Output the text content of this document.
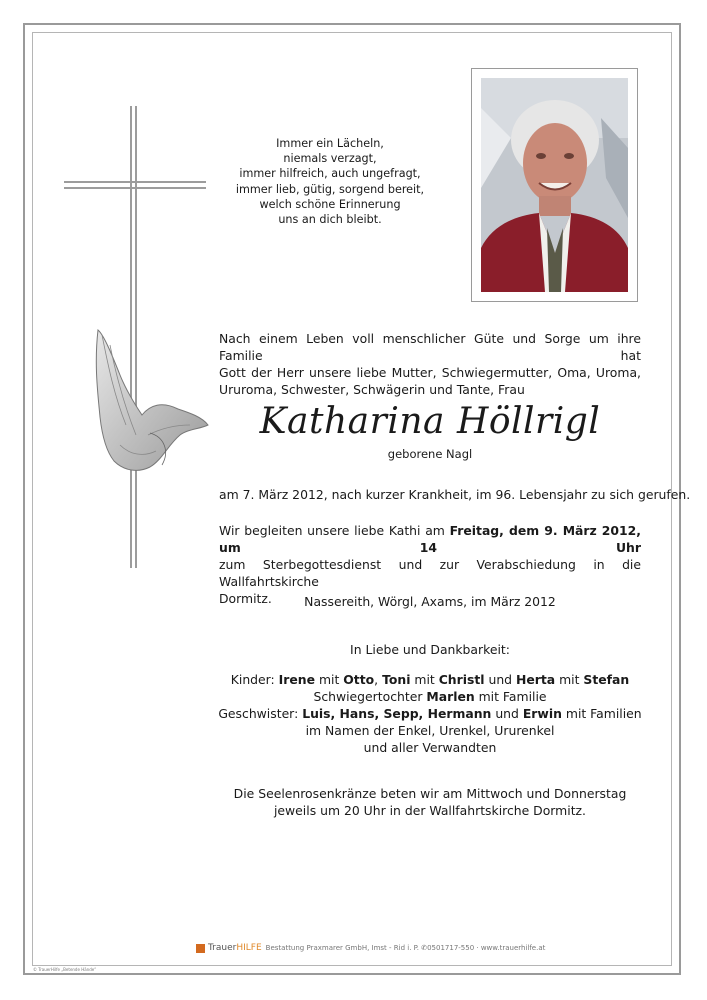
Immer ein Lächeln,
niemals verzagt,
immer hilfreich, auch ungefragt,
immer lieb, gütig, sorgend bereit,
welch schöne Erinnerung
uns an dich bleibt.
Nach einem Leben voll menschlicher Güte und Sorge um ihre Familie hat
Gott der Herr unsere liebe Mutter, Schwiegermutter, Oma, Uroma,
Ururoma, Schwester, Schwägerin und Tante, Frau
Katharina Höllrigl
geborene Nagl
am 7. März 2012, nach kurzer Krankheit, im 96. Lebensjahr zu sich gerufen.
Wir begleiten unsere liebe Kathi am Freitag, dem 9. März 2012, um 14 Uhr
zum Sterbegottesdienst und zur Verabschiedung in die Wallfahrtskirche
Dormitz.	Nassereith, Wörgl, Axams, im März 2012
In Liebe und Dankbarkeit:
Kinder: Irene mit Otto, Toni mit Christl und Herta mit Stefan
Schwiegertochter Marlen mit Familie
Geschwister: Luis, Hans, Sepp, Hermann und Erwin mit Familien
im Namen der Enkel, Urenkel, Ururenkel
und aller Verwandten
Die Seelenrosenkränze beten wir am Mittwoch und Donnerstag
jeweils um 20 Uhr in der Wallfahrtskirche Dormitz.
TrauerHILFE Bestattung Praxmarer GmbH, Imst - Rid i. P. ✆0501717-550 · www.trauerhilfe.at
© TrauerHilfe „Betende Hände“
